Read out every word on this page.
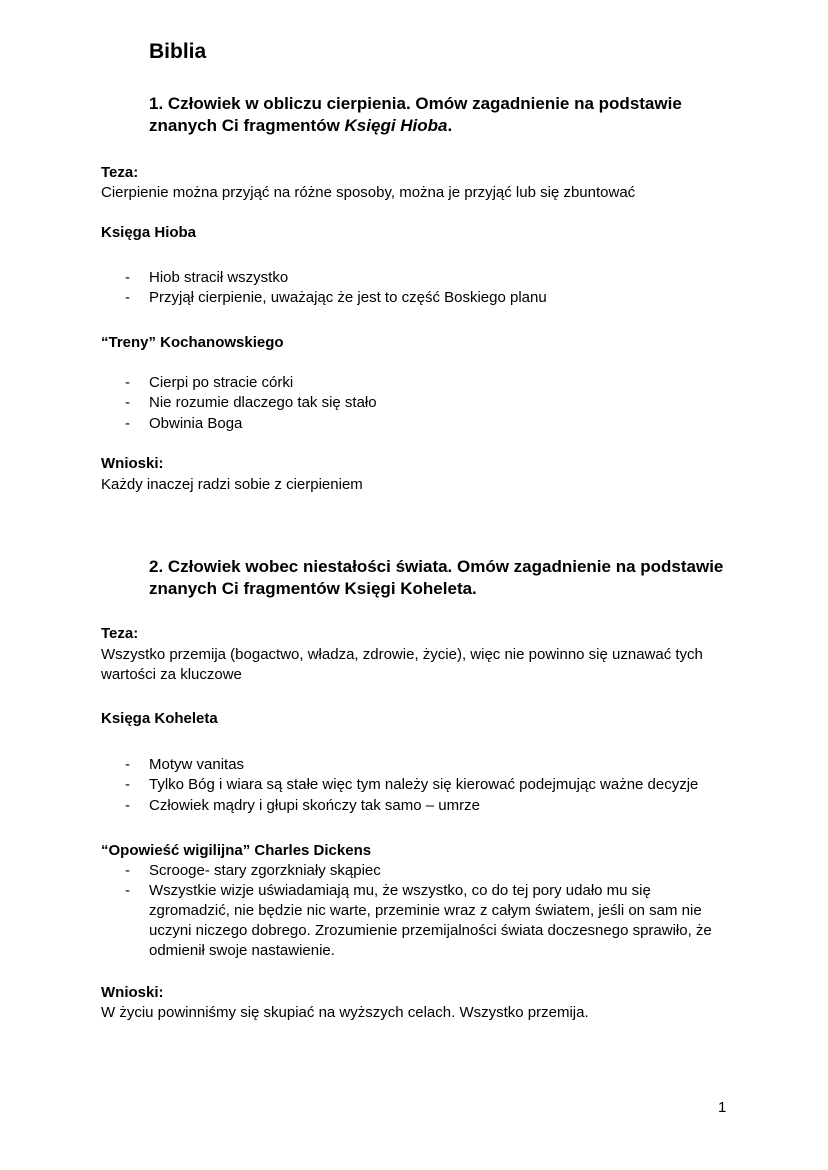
Biblia
1. Człowiek w obliczu cierpienia. Omów zagadnienie na podstawie
znanych Ci fragmentów Księgi Hioba.
Teza:
Cierpienie można przyjąć na różne sposoby, można je przyjąć lub się zbuntować
Księga Hioba
- Hiob stracił wszystko
- Przyjął cierpienie, uważając że jest to część Boskiego planu
“Treny” Kochanowskiego
- Cierpi po stracie córki
- Nie rozumie dlaczego tak się stało
- Obwinia Boga
Wnioski:
Każdy inaczej radzi sobie z cierpieniem
2. Człowiek wobec niestałości świata. Omów zagadnienie na podstawie
znanych Ci fragmentów Księgi Koheleta.
Teza:
Wszystko przemija (bogactwo, władza, zdrowie, życie), więc nie powinno się uznawać tych
wartości za kluczowe
Księga Koheleta
- Motyw vanitas
- Tylko Bóg i wiara są stałe więc tym należy się kierować podejmując ważne decyzje
- Człowiek mądry i głupi skończy tak samo – umrze
“Opowieść wigilijna” Charles Dickens
- Scrooge- stary zgorzkniały skąpiec
- Wszystkie wizje uświadamiają mu, że wszystko, co do tej pory udało mu się zgromadzić, nie będzie nic warte, przeminie wraz z całym światem, jeśli on sam nie uczyni niczego dobrego. Zrozumienie przemijalności świata doczesnego sprawiło, że odmienił swoje nastawienie.
Wnioski:
W życiu powinniśmy się skupiać na wyższych celach. Wszystko przemija.
1
